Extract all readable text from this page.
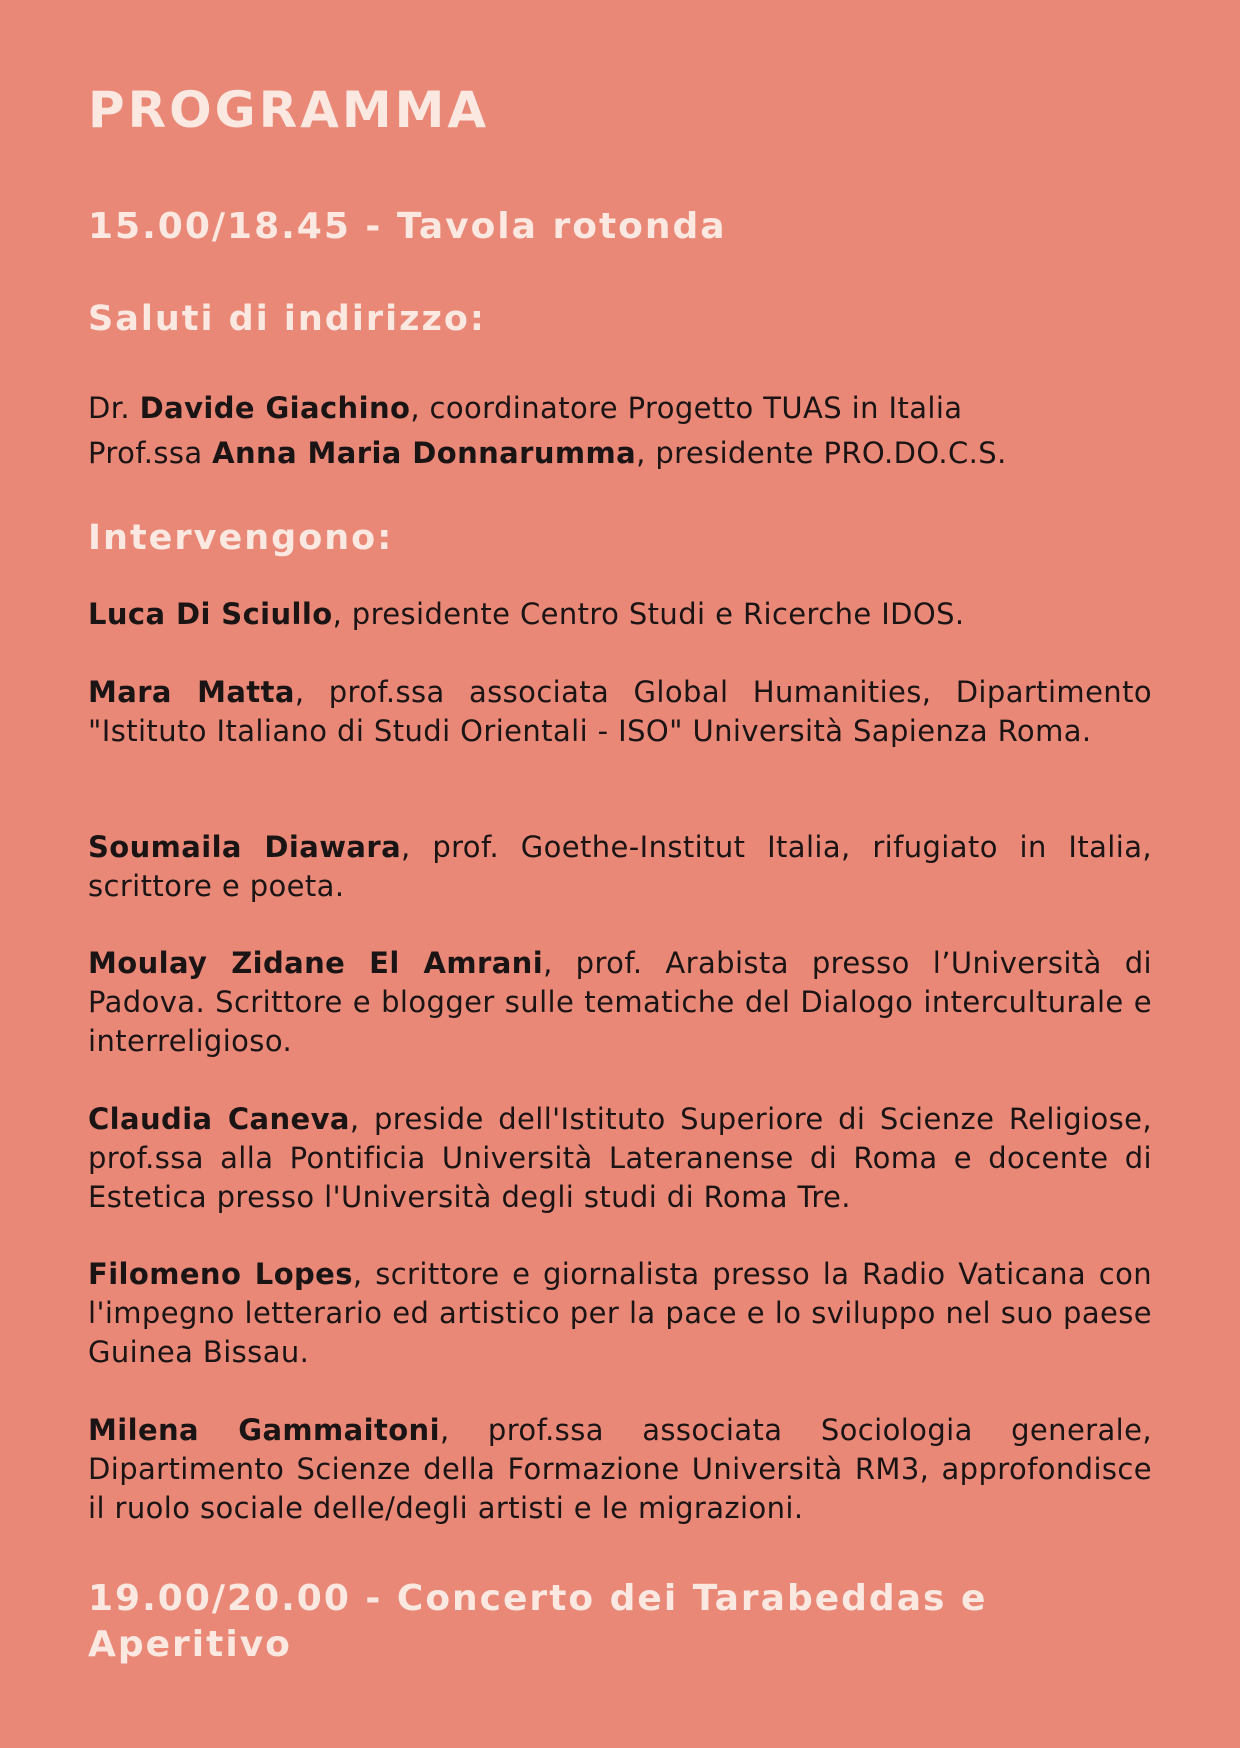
PROGRAMMA
15.00/18.45 - Tavola rotonda
Saluti di indirizzo:

Dr. Davide Giachino, coordinatore Progetto TUAS in Italia

Prof.ssa Anna Maria Donnarumma, presidente PRO.DO.C.S.

Intervengono:

Luca Di Sciullo, presidente Centro Studi e Ricerche IDOS.

Mara Matta, prof.ssa associata Global Humanities, Dipartimento "Istituto Italiano di Studi Orientali - ISO" Università Sapienza Roma.

Soumaila Diawara, prof. Goethe-Institut Italia, rifugiato in Italia, scrittore e poeta.

Moulay Zidane El Amrani, prof. Arabista presso l’Università di Padova. Scrittore e blogger sulle tematiche del Dialogo interculturale e interreligioso.

Claudia Caneva, preside dell'Istituto Superiore di Scienze Religiose, prof.ssa alla Pontificia Università Lateranense di Roma e docente di Estetica presso l'Università degli studi di Roma Tre.

Filomeno Lopes, scrittore e giornalista presso la Radio Vaticana con l'impegno letterario ed artistico per la pace e lo sviluppo nel suo paese Guinea Bissau.

Milena Gammaitoni, prof.ssa associata Sociologia generale, Dipartimento Scienze della Formazione Università RM3, approfondisce il ruolo sociale delle/degli artisti e le migrazioni.

19.00/20.00 - Concerto dei Tarabeddas e Aperitivo
